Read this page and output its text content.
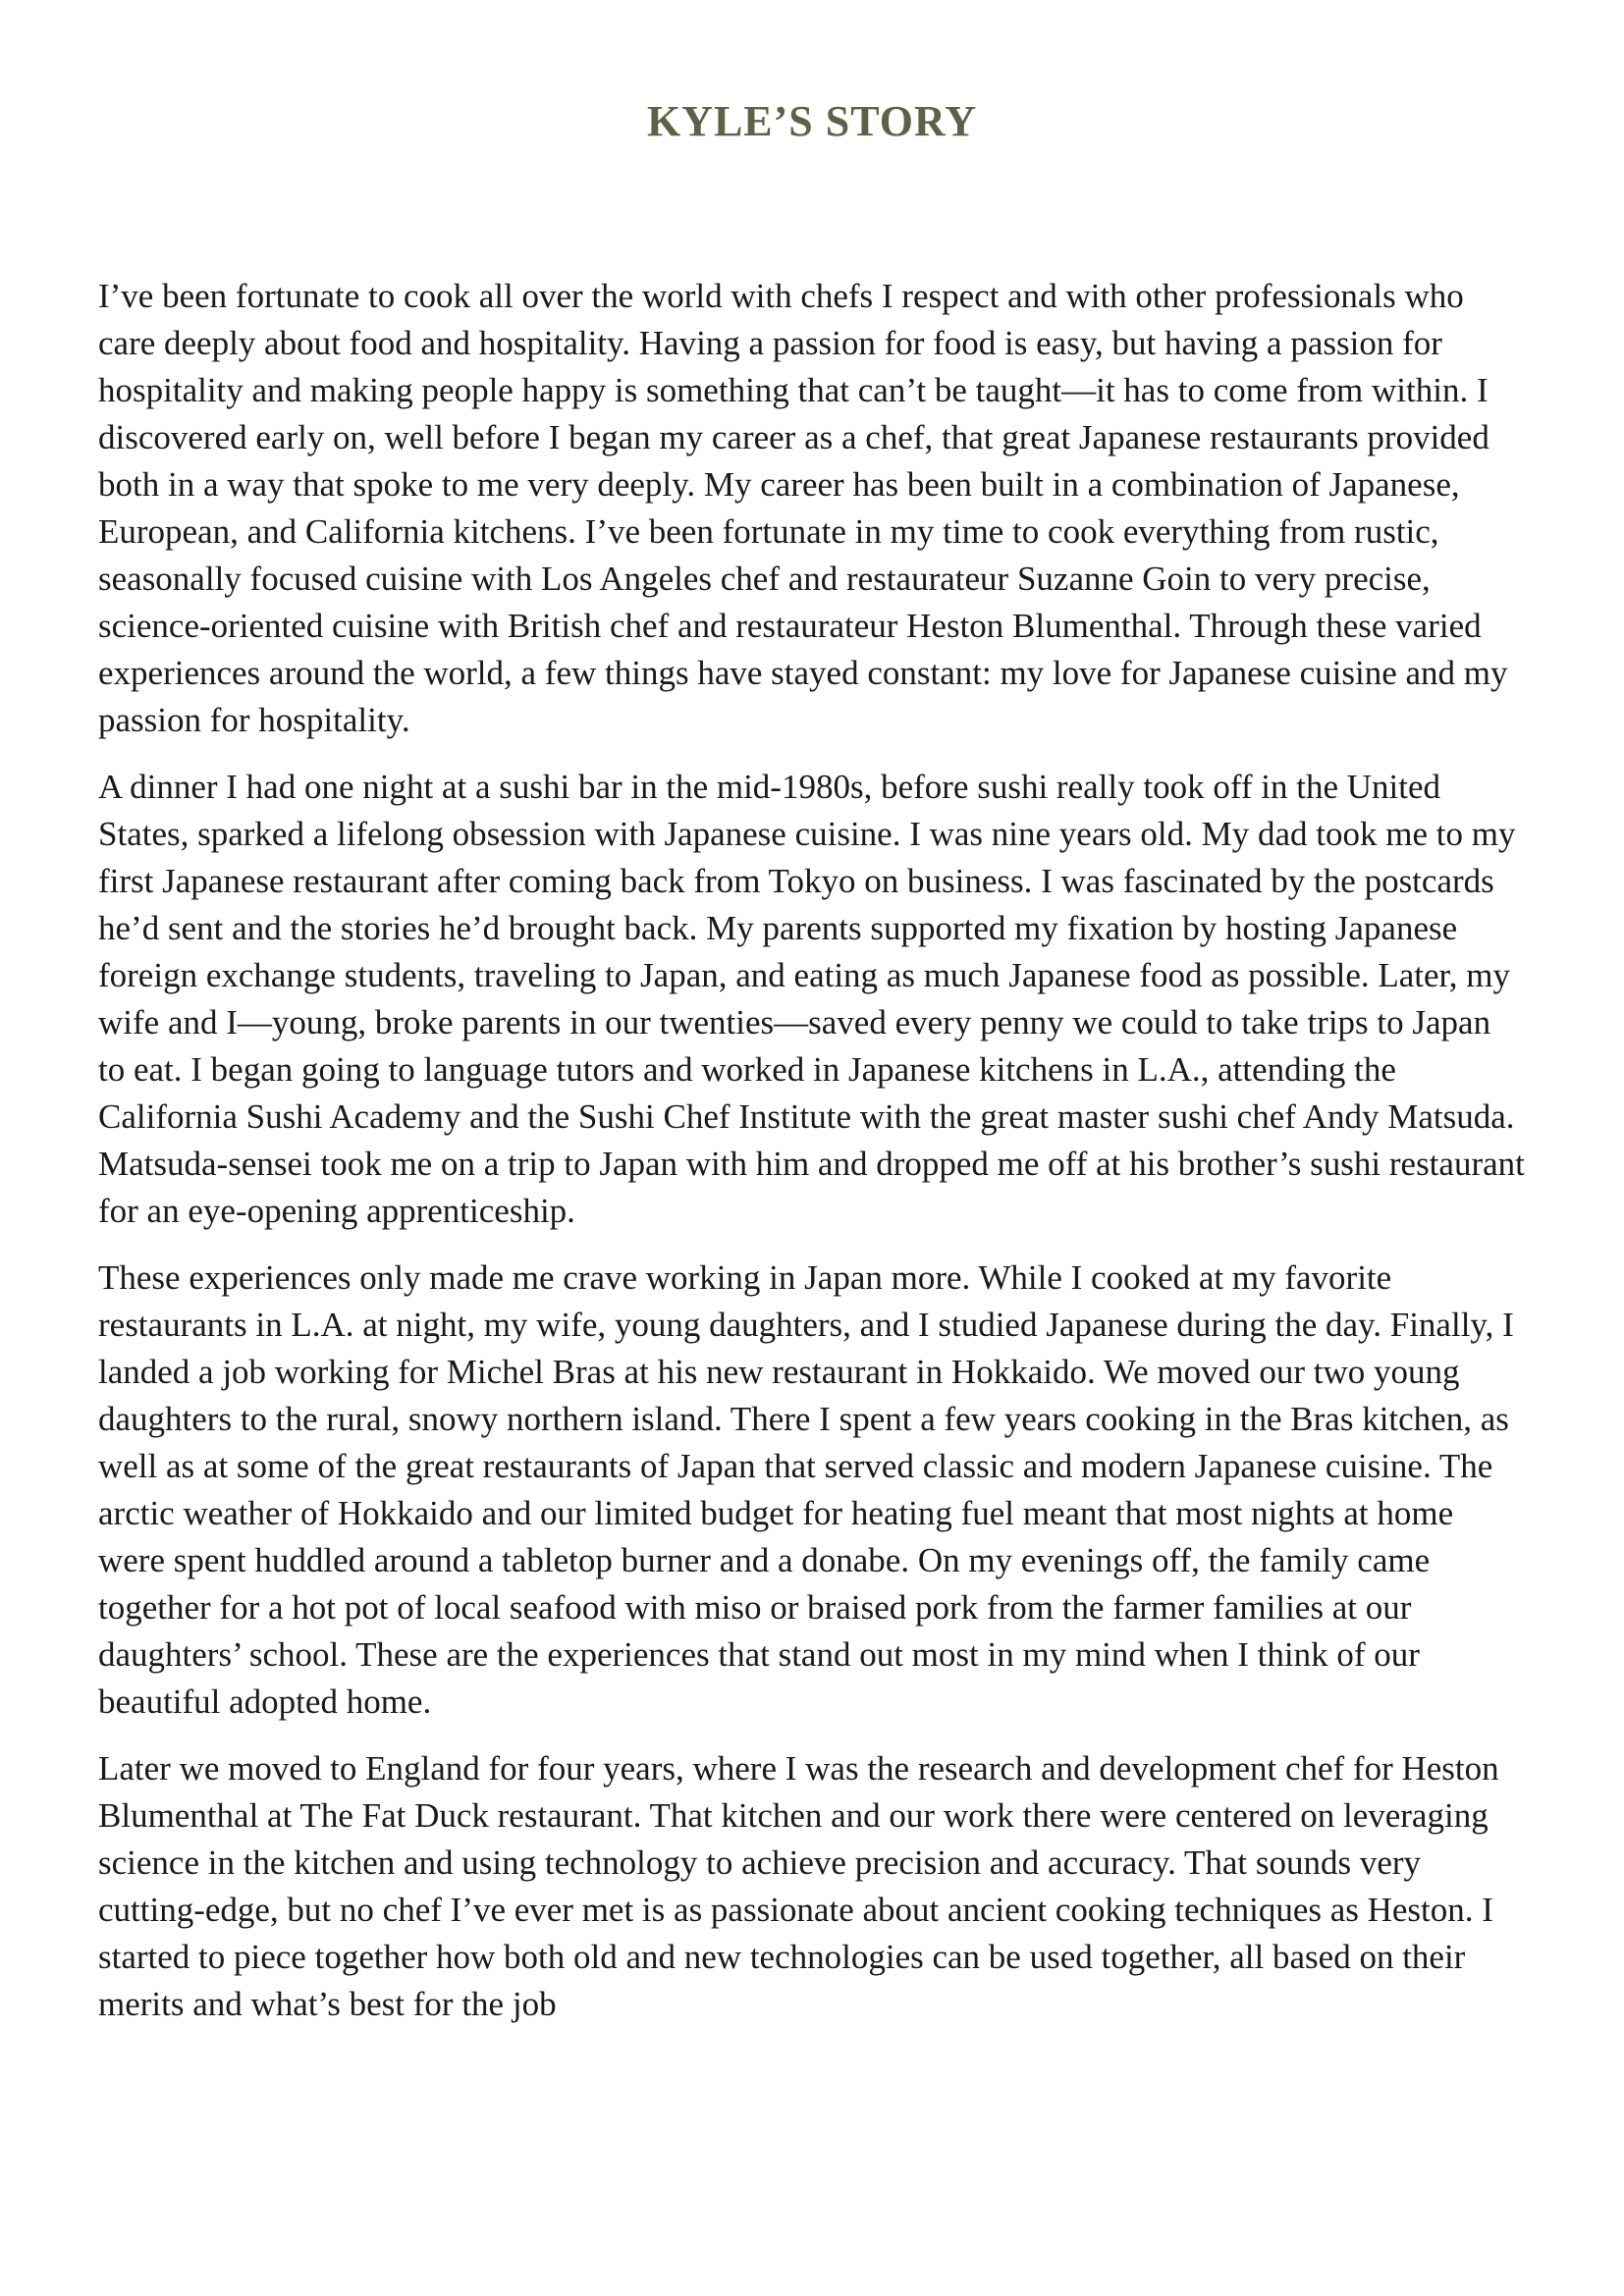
KYLE’S STORY

I’ve been fortunate to cook all over the world with chefs I respect and with other professionals who care deeply about food and hospitality. Having a passion for food is easy, but having a passion for hospitality and making people happy is something that can’t be taught—it has to come from within. I discovered early on, well before I began my career as a chef, that great Japanese restaurants provided both in a way that spoke to me very deeply. My career has been built in a combination of Japanese, European, and California kitchens. I’ve been fortunate in my time to cook everything from rustic, seasonally focused cuisine with Los Angeles chef and restaurateur Suzanne Goin to very precise, science-oriented cuisine with British chef and restaurateur Heston Blumenthal. Through these varied experiences around the world, a few things have stayed constant: my love for Japanese cuisine and my passion for hospitality.

A dinner I had one night at a sushi bar in the mid-1980s, before sushi really took off in the United States, sparked a lifelong obsession with Japanese cuisine. I was nine years old. My dad took me to my first Japanese restaurant after coming back from Tokyo on business. I was fascinated by the postcards he’d sent and the stories he’d brought back. My parents supported my fixation by hosting Japanese foreign exchange students, traveling to Japan, and eating as much Japanese food as possible. Later, my wife and I—young, broke parents in our twenties—saved every penny we could to take trips to Japan to eat. I began going to language tutors and worked in Japanese kitchens in L.A., attending the California Sushi Academy and the Sushi Chef Institute with the great master sushi chef Andy Matsuda. Matsuda-sensei took me on a trip to Japan with him and dropped me off at his brother’s sushi restaurant for an eye-opening apprenticeship.

These experiences only made me crave working in Japan more. While I cooked at my favorite restaurants in L.A. at night, my wife, young daughters, and I studied Japanese during the day. Finally, I landed a job working for Michel Bras at his new restaurant in Hokkaido. We moved our two young daughters to the rural, snowy northern island. There I spent a few years cooking in the Bras kitchen, as well as at some of the great restaurants of Japan that served classic and modern Japanese cuisine. The arctic weather of Hokkaido and our limited budget for heating fuel meant that most nights at home were spent huddled around a tabletop burner and a donabe. On my evenings off, the family came together for a hot pot of local seafood with miso or braised pork from the farmer families at our daughters’ school. These are the experiences that stand out most in my mind when I think of our beautiful adopted home.

Later we moved to England for four years, where I was the research and development chef for Heston Blumenthal at The Fat Duck restaurant. That kitchen and our work there were centered on leveraging science in the kitchen and using technology to achieve precision and accuracy. That sounds very cutting-edge, but no chef I’ve ever met is as passionate about ancient cooking techniques as Heston. I started to piece together how both old and new technologies can be used together, all based on their merits and what’s best for the job
